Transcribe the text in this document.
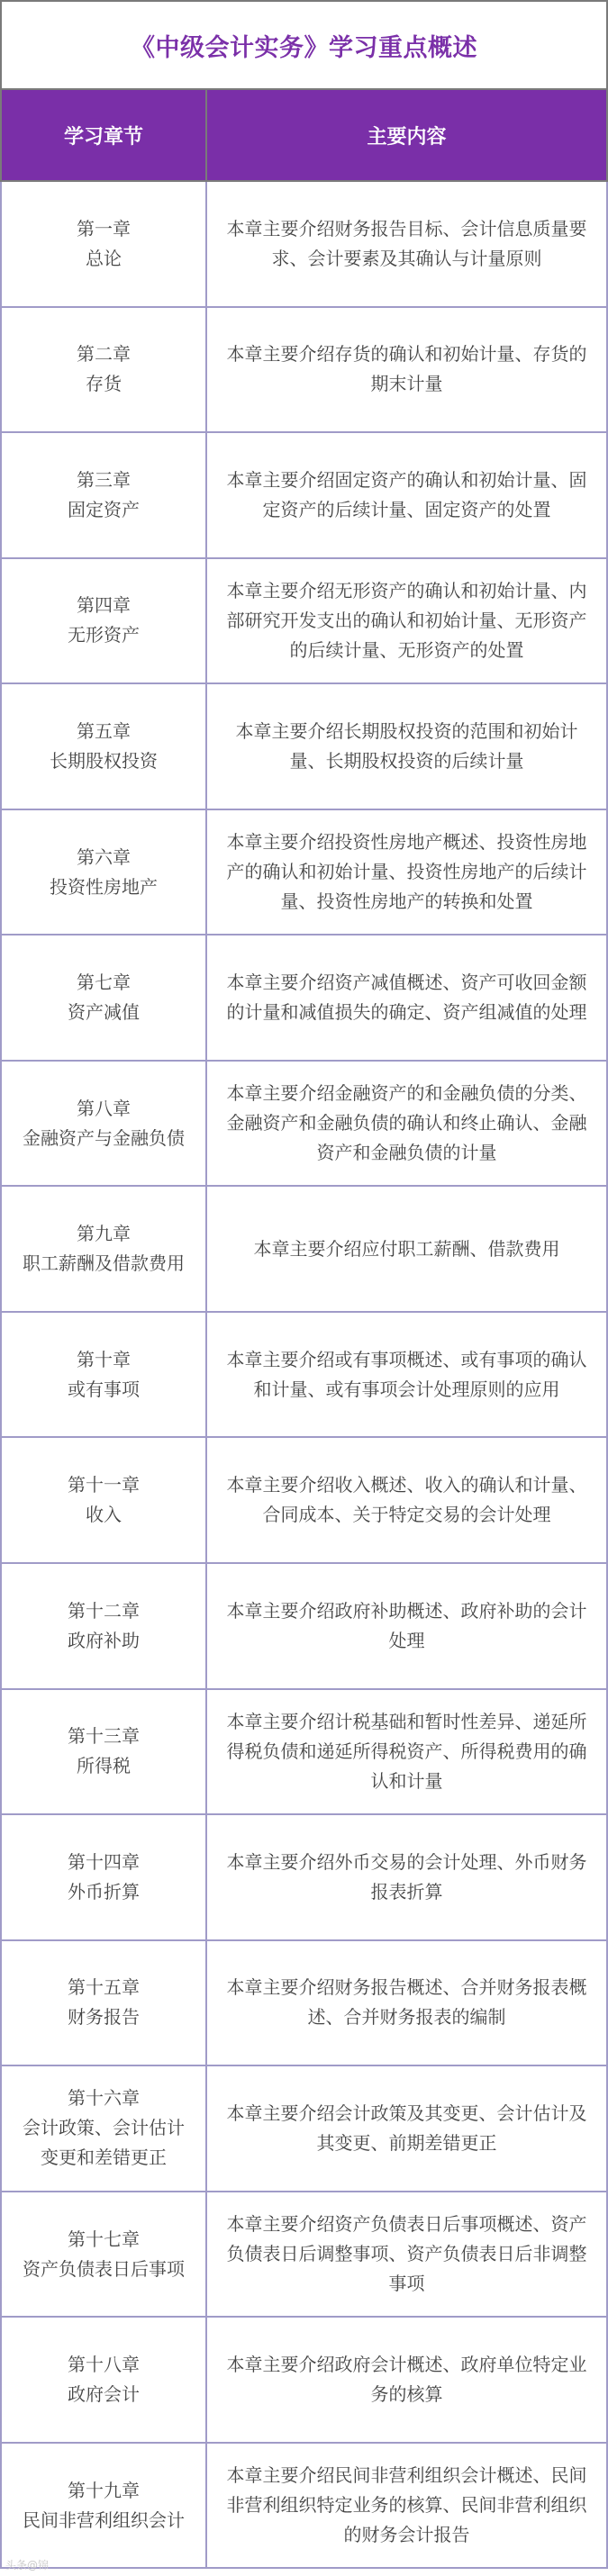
《中级会计实务》学习重点概述
学习章节	主要内容

第一章
总论	本章主要介绍财务报告目标、会计信息质量要求、会计要素及其确认与计量原则

第二章
存货	本章主要介绍存货的确认和初始计量、存货的期末计量

第三章
固定资产	本章主要介绍固定资产的确认和初始计量、固定资产的后续计量、固定资产的处置

第四章
无形资产	本章主要介绍无形资产的确认和初始计量、内部研究开发支出的确认和初始计量、无形资产的后续计量、无形资产的处置

第五章
长期股权投资	本章主要介绍长期股权投资的范围和初始计量、长期股权投资的后续计量

第六章
投资性房地产	本章主要介绍投资性房地产概述、投资性房地产的确认和初始计量、投资性房地产的后续计量、投资性房地产的转换和处置

第七章
资产减值	本章主要介绍资产减值概述、资产可收回金额的计量和减值损失的确定、资产组减值的处理

第八章
金融资产与金融负债	本章主要介绍金融资产的和金融负债的分类、金融资产和金融负债的确认和终止确认、金融资产和金融负债的计量

第九章
职工薪酬及借款费用	本章主要介绍应付职工薪酬、借款费用

第十章
或有事项	本章主要介绍或有事项概述、或有事项的确认和计量、或有事项会计处理原则的应用

第十一章
收入	本章主要介绍收入概述、收入的确认和计量、合同成本、关于特定交易的会计处理

第十二章
政府补助	本章主要介绍政府补助概述、政府补助的会计处理

第十三章
所得税	本章主要介绍计税基础和暂时性差异、递延所得税负债和递延所得税资产、所得税费用的确认和计量

第十四章
外币折算	本章主要介绍外币交易的会计处理、外币财务报表折算

第十五章
财务报告	本章主要介绍财务报告概述、合并财务报表概述、合并财务报表的编制

第十六章
会计政策、会计估计变更和差错更正	本章主要介绍会计政策及其变更、会计估计及其变更、前期差错更正

第十七章
资产负债表日后事项	本章主要介绍资产负债表日后事项概述、资产负债表日后调整事项、资产负债表日后非调整事项

第十八章
政府会计	本章主要介绍政府会计概述、政府单位特定业务的核算

第十九章
民间非营利组织会计	本章主要介绍民间非营利组织会计概述、民间非营利组织特定业务的核算、民间非营利组织的财务会计报告
头条@锦
